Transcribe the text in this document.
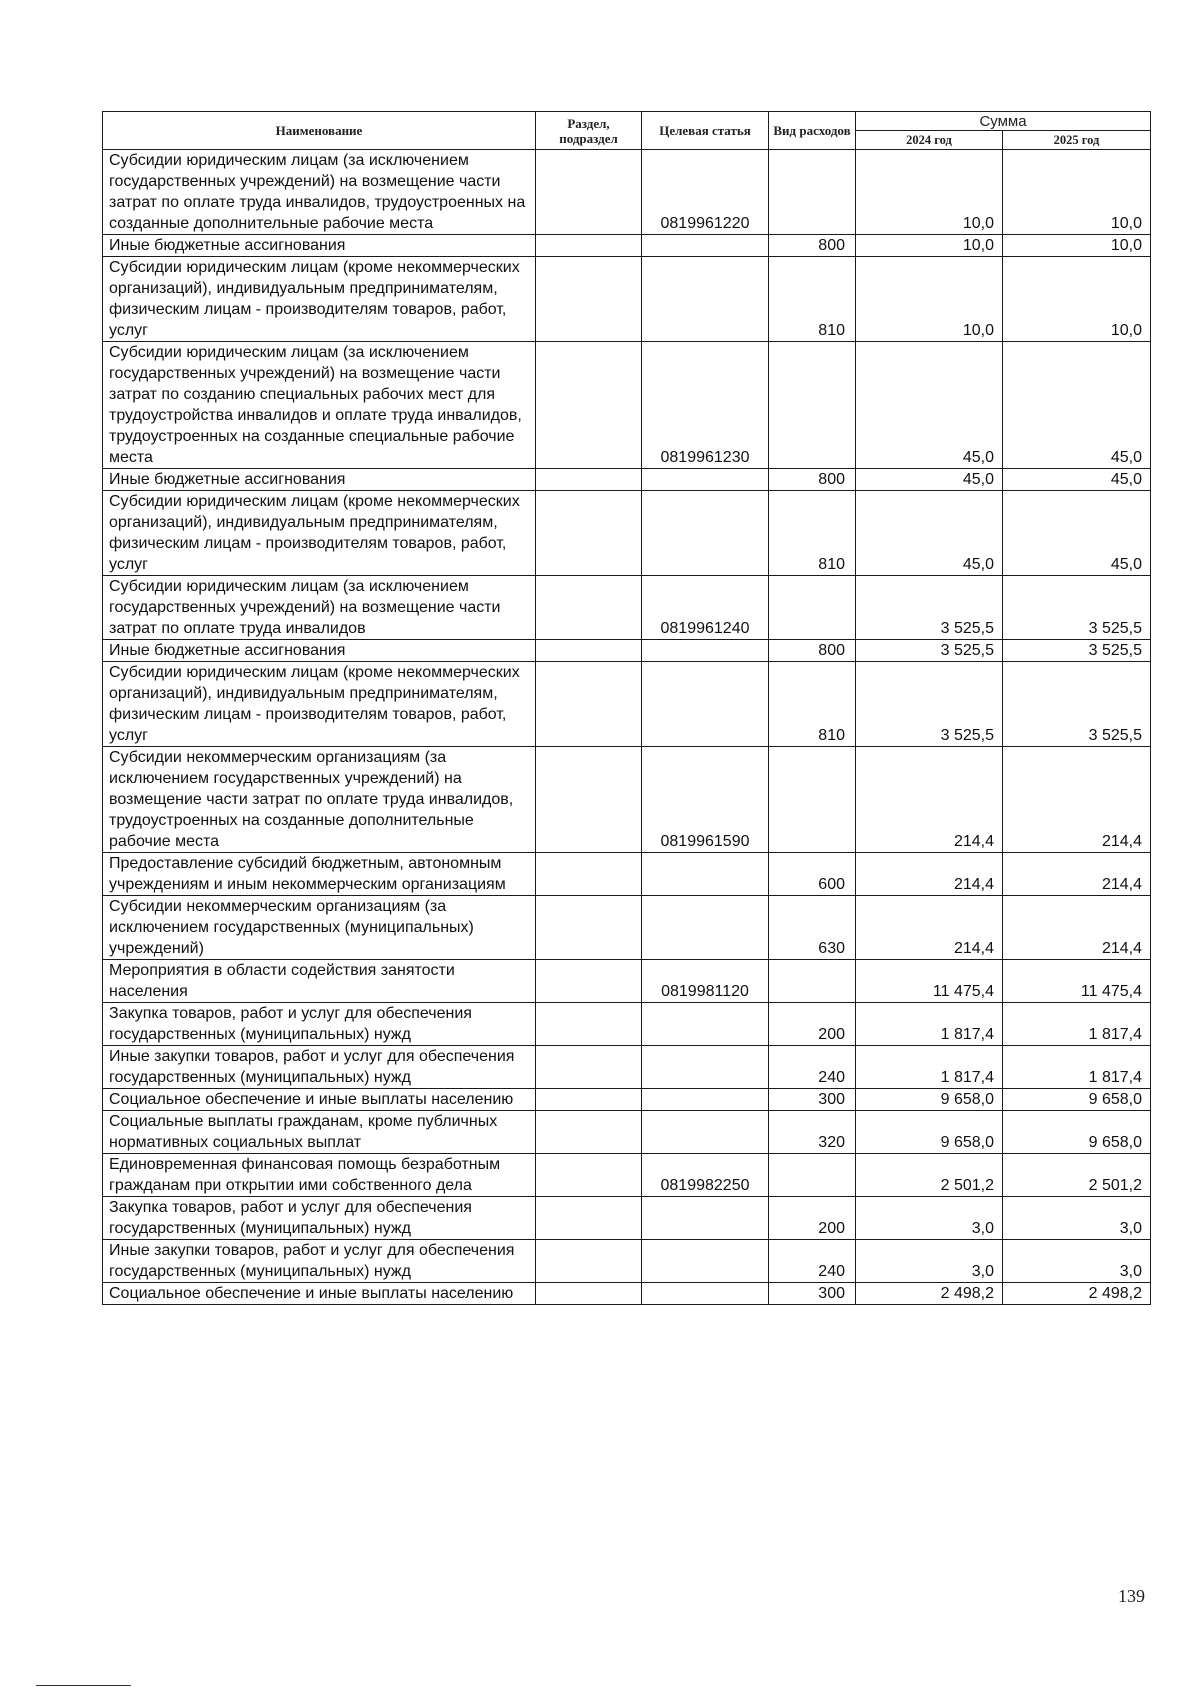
Наименование	Раздел, подраздел	Целевая статья	Вид расходов	Сумма	
				2024 год	2025 год
Субсидии юридическим лицам (за исключением государственных учреждений) на возмещение части затрат по оплате труда инвалидов, трудоустроенных на созданные дополнительные рабочие места		0819961220		10,0	10,0
Иные бюджетные ассигнования			800	10,0	10,0
Субсидии юридическим лицам (кроме некоммерческих организаций), индивидуальным предпринимателям, физическим лицам - производителям товаров, работ, услуг			810	10,0	10,0
Субсидии юридическим лицам (за исключением государственных учреждений) на возмещение части затрат по созданию специальных рабочих мест для трудоустройства инвалидов и оплате труда инвалидов, трудоустроенных на созданные специальные рабочие места		0819961230		45,0	45,0
Иные бюджетные ассигнования			800	45,0	45,0
Субсидии юридическим лицам (кроме некоммерческих организаций), индивидуальным предпринимателям, физическим лицам - производителям товаров, работ, услуг			810	45,0	45,0
Субсидии юридическим лицам (за исключением государственных учреждений) на возмещение части затрат по оплате труда инвалидов		0819961240		3 525,5	3 525,5
Иные бюджетные ассигнования			800	3 525,5	3 525,5
Субсидии юридическим лицам (кроме некоммерческих организаций), индивидуальным предпринимателям, физическим лицам - производителям товаров, работ, услуг			810	3 525,5	3 525,5
Субсидии некоммерческим организациям (за исключением государственных учреждений) на возмещение части затрат по оплате труда инвалидов, трудоустроенных на созданные дополнительные рабочие места		0819961590		214,4	214,4
Предоставление субсидий бюджетным, автономным учреждениям и иным некоммерческим организациям			600	214,4	214,4
Субсидии некоммерческим организациям (за исключением государственных (муниципальных) учреждений)			630	214,4	214,4
Мероприятия в области содействия занятости населения		0819981120		11 475,4	11 475,4
Закупка товаров, работ и услуг для обеспечения государственных (муниципальных) нужд			200	1 817,4	1 817,4
Иные закупки товаров, работ и услуг для обеспечения государственных (муниципальных) нужд			240	1 817,4	1 817,4
Социальное обеспечение и иные выплаты населению			300	9 658,0	9 658,0
Социальные выплаты гражданам, кроме публичных нормативных социальных выплат			320	9 658,0	9 658,0
Единовременная финансовая помощь безработным гражданам при открытии ими собственного дела		0819982250		2 501,2	2 501,2
Закупка товаров, работ и услуг для обеспечения государственных (муниципальных) нужд			200	3,0	3,0
Иные закупки товаров, работ и услуг для обеспечения государственных (муниципальных) нужд			240	3,0	3,0
Социальное обеспечение и иные выплаты населению			300	2 498,2	2 498,2
139
